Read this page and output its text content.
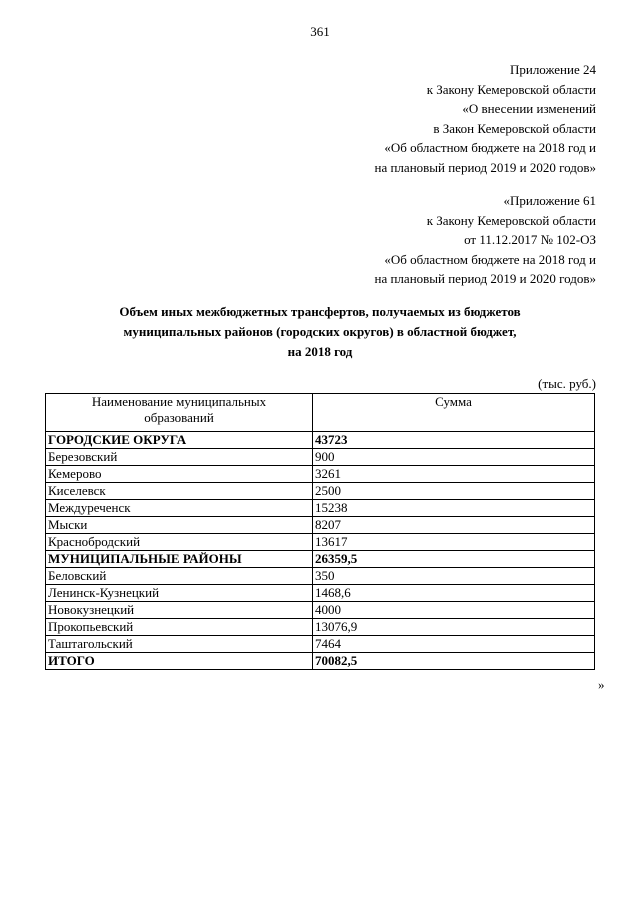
361
Приложение 24
к Закону Кемеровской области
«О внесении изменений
в Закон Кемеровской области
«Об областном бюджете на 2018 год и
на плановый период 2019 и 2020 годов»
«Приложение 61
к Закону Кемеровской области
от 11.12.2017 № 102-ОЗ
«Об областном бюджете на 2018 год и
на плановый период 2019 и 2020 годов»
Объем иных межбюджетных трансфертов, получаемых из бюджетов
муниципальных районов (городских округов) в областной бюджет,
на 2018 год
(тыс. руб.)
Наименование муниципальных
образований	Сумма
ГОРОДСКИЕ ОКРУГА	43723
Березовский	900
Кемерово	3261
Киселевск	2500
Междуреченск	15238
Мыски	8207
Краснобродский	13617
МУНИЦИПАЛЬНЫЕ РАЙОНЫ	26359,5
Беловский	350
Ленинск-Кузнецкий	1468,6
Новокузнецкий	4000
Прокопьевский	13076,9
Таштагольский	7464
ИТОГО	70082,5
»
